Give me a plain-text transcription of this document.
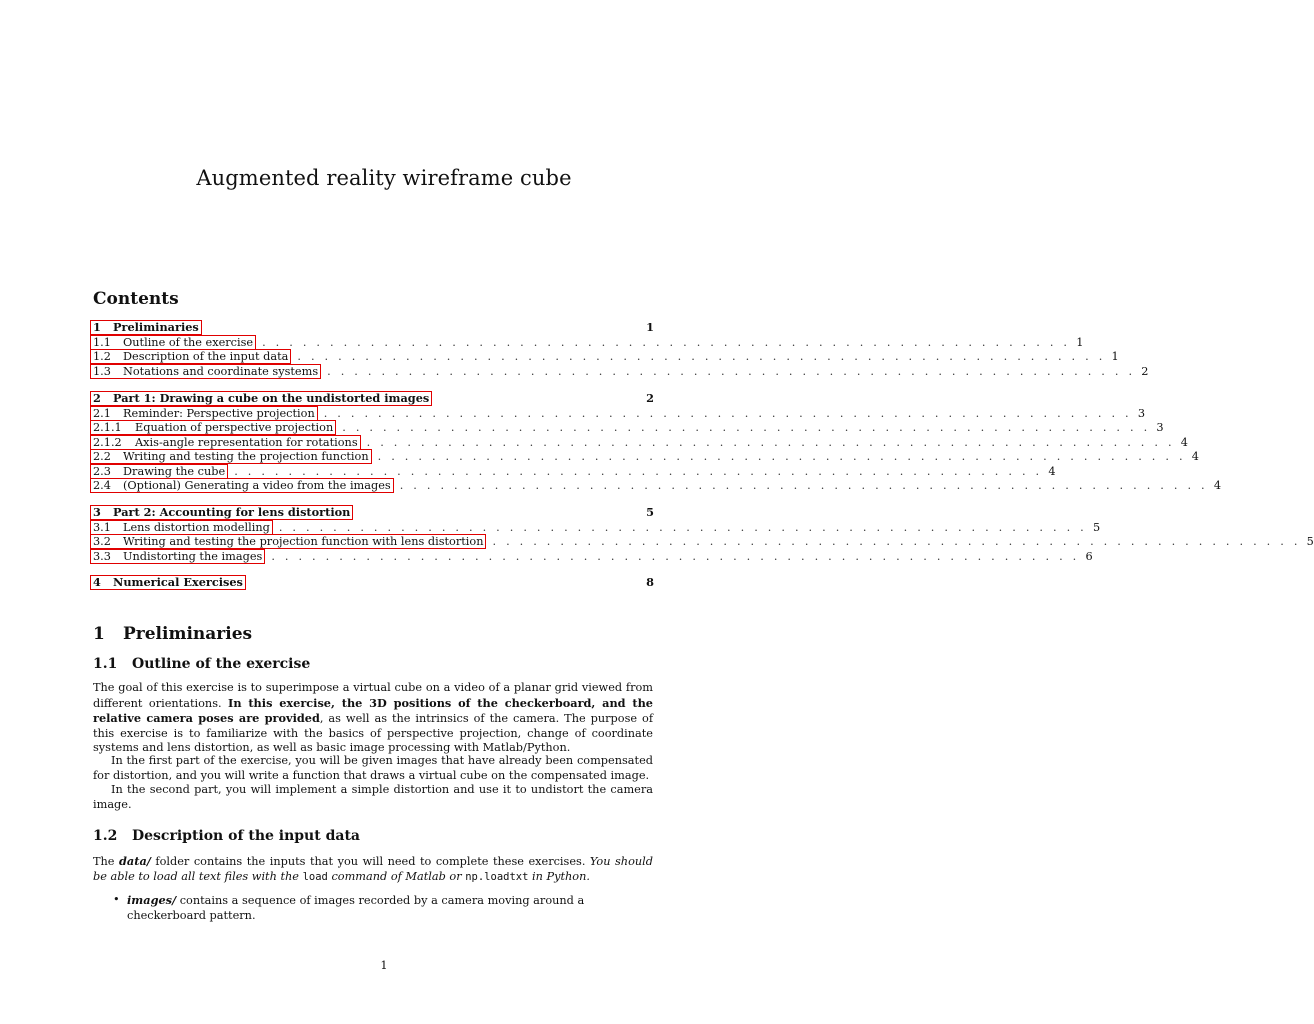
Augmented reality wireframe cube
Contents
1	Preliminaries	1
1.1	Outline of the exercise . . . . . . . . . . . . . . . . . . . . . . . . . . . . . . . . . . . . . . . . . . . . . . . . . . . . . . . . . . . . 1
1.2	Description of the input data . . . . . . . . . . . . . . . . . . . . . . . . . . . . . . . . . . . . . . . . . . . . . . . . . . . . . . . . . . . . 1
1.3	Notations and coordinate systems . . . . . . . . . . . . . . . . . . . . . . . . . . . . . . . . . . . . . . . . . . . . . . . . . . . . . . . . . . . . 2
2	Part 1: Drawing a cube on the undistorted images	2
2.1	Reminder: Perspective projection . . . . . . . . . . . . . . . . . . . . . . . . . . . . . . . . . . . . . . . . . . . . . . . . . . . . . . . . . . . . 3
2.1.1	Equation of perspective projection . . . . . . . . . . . . . . . . . . . . . . . . . . . . . . . . . . . . . . . . . . . . . . . . . . . . . . . . . . . . 3
2.1.2	Axis-angle representation for rotations . . . . . . . . . . . . . . . . . . . . . . . . . . . . . . . . . . . . . . . . . . . . . . . . . . . . . . . . . . . . 4
2.2	Writing and testing the projection function . . . . . . . . . . . . . . . . . . . . . . . . . . . . . . . . . . . . . . . . . . . . . . . . . . . . . . . . . . . . 4
2.3	Drawing the cube . . . . . . . . . . . . . . . . . . . . . . . . . . . . . . . . . . . . . . . . . . . . . . . . . . . . . . . . . . . . 4
2.4	(Optional) Generating a video from the images . . . . . . . . . . . . . . . . . . . . . . . . . . . . . . . . . . . . . . . . . . . . . . . . . . . . . . . . . . . . 4
3	Part 2: Accounting for lens distortion	5
3.1	Lens distortion modelling . . . . . . . . . . . . . . . . . . . . . . . . . . . . . . . . . . . . . . . . . . . . . . . . . . . . . . . . . . . . 5
3.2	Writing and testing the projection function with lens distortion . . . . . . . . . . . . . . . . . . . . . . . . . . . . . . . . . . . . . . . . . . . . . . . . . . . . . . . . . . . . 5
3.3	Undistorting the images . . . . . . . . . . . . . . . . . . . . . . . . . . . . . . . . . . . . . . . . . . . . . . . . . . . . . . . . . . . . 6
4	Numerical Exercises	8
1 Preliminaries
1.1 Outline of the exercise
The goal of this exercise is to superimpose a virtual cube on a video of a planar grid viewed from different orientations. In this exercise, the 3D positions of the checkerboard, and the relative camera poses are provided, as well as the intrinsics of the camera. The purpose of this exercise is to familiarize with the basics of perspective projection, change of coordinate systems and lens distortion, as well as basic image processing with Matlab/Python.
In the first part of the exercise, you will be given images that have already been compensated for distortion, and you will write a function that draws a virtual cube on the compensated image.
In the second part, you will implement a simple distortion and use it to undistort the camera image.
1.2 Description of the input data
The data/ folder contains the inputs that you will need to complete these exercises. You should be able to load all text files with the load command of Matlab or np.loadtxt in Python.
• images/ contains a sequence of images recorded by a camera moving around a checkerboard pattern.
1
